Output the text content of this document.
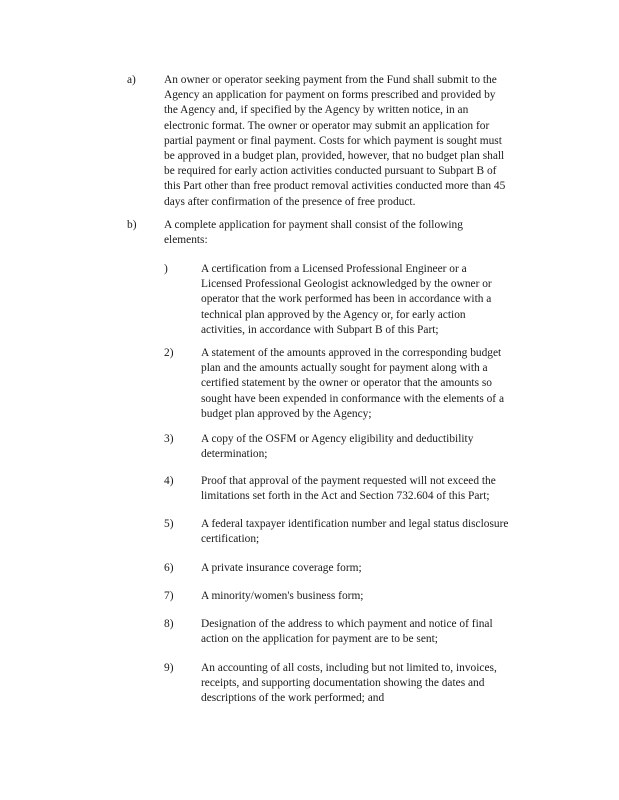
a) An owner or operator seeking payment from the Fund shall submit to the
Agency an application for payment on forms prescribed and provided by
the Agency and, if specified by the Agency by written notice, in an
electronic format. The owner or operator may submit an application for
partial payment or final payment. Costs for which payment is sought must
be approved in a budget plan, provided, however, that no budget plan shall
be required for early action activities conducted pursuant to Subpart B of
this Part other than free product removal activities conducted more than 45
days after confirmation of the presence of free product.
b) A complete application for payment shall consist of the following
elements:
)	A certification from a Licensed Professional Engineer or a
Licensed Professional Geologist acknowledged by the owner or
operator that the work performed has been in accordance with a
technical plan approved by the Agency or, for early action
activities, in accordance with Subpart B of this Part;
2) A statement of the amounts approved in the corresponding budget
plan and the amounts actually sought for payment along with a
certified statement by the owner or operator that the amounts so
sought have been expended in conformance with the elements of a
budget plan approved by the Agency;
3) A copy of the OSFM or Agency eligibility and deductibility
determination;
4) Proof that approval of the payment requested will not exceed the
limitations set forth in the Act and Section 732.604 of this Part;
5) A federal taxpayer identification number and legal status disclosure
certification;
6) A private insurance coverage form;
7) A minority/women's business form;
8) Designation of the address to which payment and notice of final
action on the application for payment are to be sent;
9) An accounting of all costs, including but not limited to, invoices,
receipts, and supporting documentation showing the dates and
descriptions of the work performed; and
